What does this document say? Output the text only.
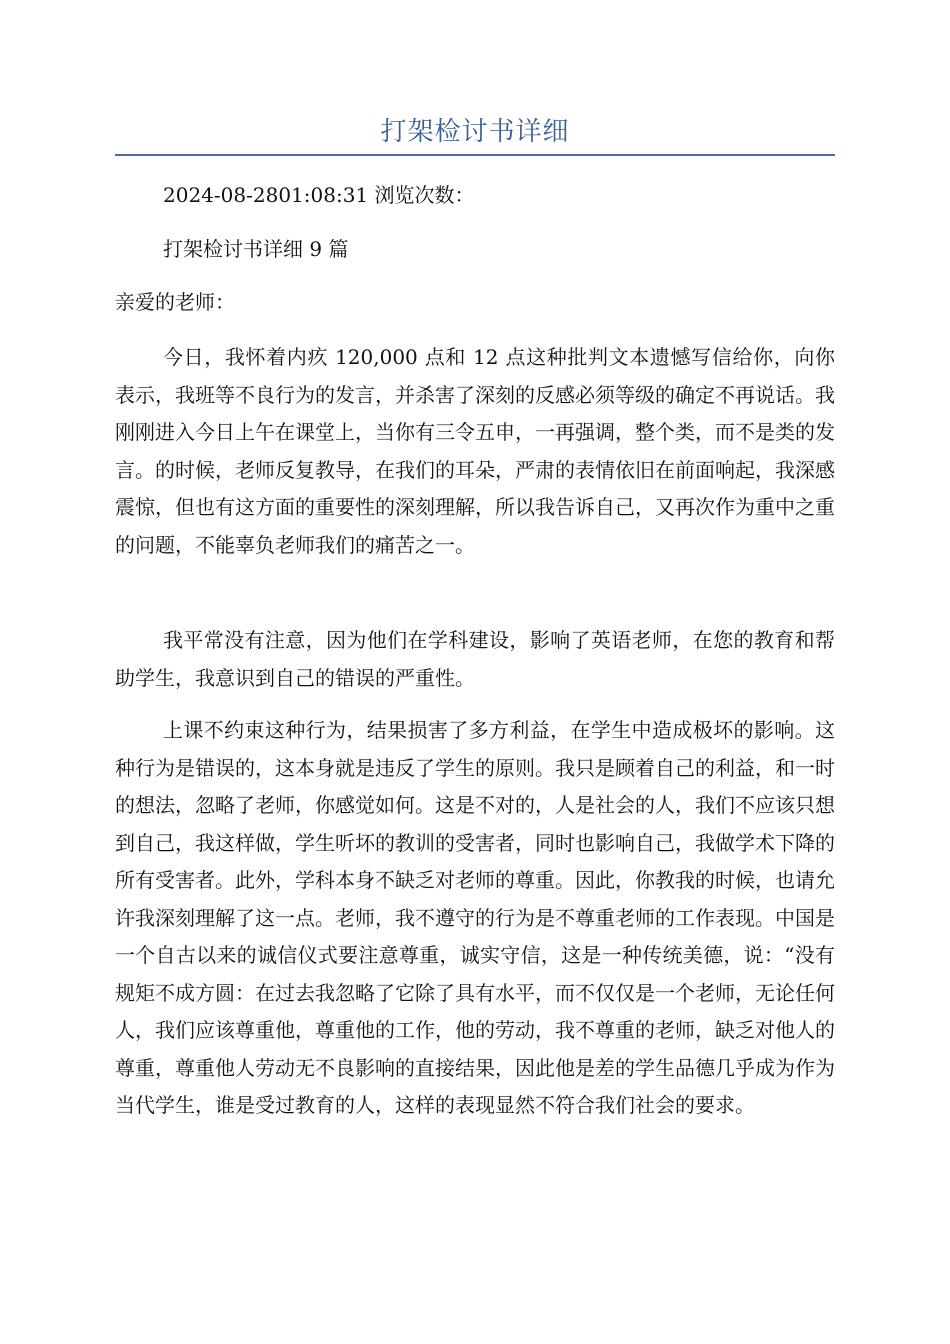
打架检讨书详细
2024-08-2801:08:31 浏览次数：
打架检讨书详细 9 篇
亲爱的老师：
今日，我怀着内疚 120,000 点和 12 点这种批判文本遗憾写信给你，向你表示，我班等不良行为的发言，并杀害了深刻的反感必须等级的确定不再说话。我刚刚进入今日上午在课堂上，当你有三令五申，一再强调，整个类，而不是类的发言。的时候，老师反复教导，在我们的耳朵，严肃的表情依旧在前面响起，我深感震惊，但也有这方面的重要性的深刻理解，所以我告诉自己，又再次作为重中之重的问题，不能辜负老师我们的痛苦之一。
我平常没有注意，因为他们在学科建设，影响了英语老师，在您的教育和帮助学生，我意识到自己的错误的严重性。
上课不约束这种行为，结果损害了多方利益，在学生中造成极坏的影响。这种行为是错误的，这本身就是违反了学生的原则。我只是顾着自己的利益，和一时的想法，忽略了老师，你感觉如何。这是不对的，人是社会的人，我们不应该只想到自己，我这样做，学生听坏的教训的受害者，同时也影响自己，我做学术下降的所有受害者。此外，学科本身不缺乏对老师的尊重。因此，你教我的时候，也请允许我深刻理解了这一点。老师，我不遵守的行为是不尊重老师的工作表现。中国是一个自古以来的诚信仪式要注意尊重，诚实守信，这是一种传统美德，说：“没有规矩不成方圆：在过去我忽略了它除了具有水平，而不仅仅是一个老师，无论任何人，我们应该尊重他，尊重他的工作，他的劳动，我不尊重的老师，缺乏对他人的尊重，尊重他人劳动无不良影响的直接结果，因此他是差的学生品德几乎成为作为当代学生，谁是受过教育的人，这样的表现显然不符合我们社会的要求。
